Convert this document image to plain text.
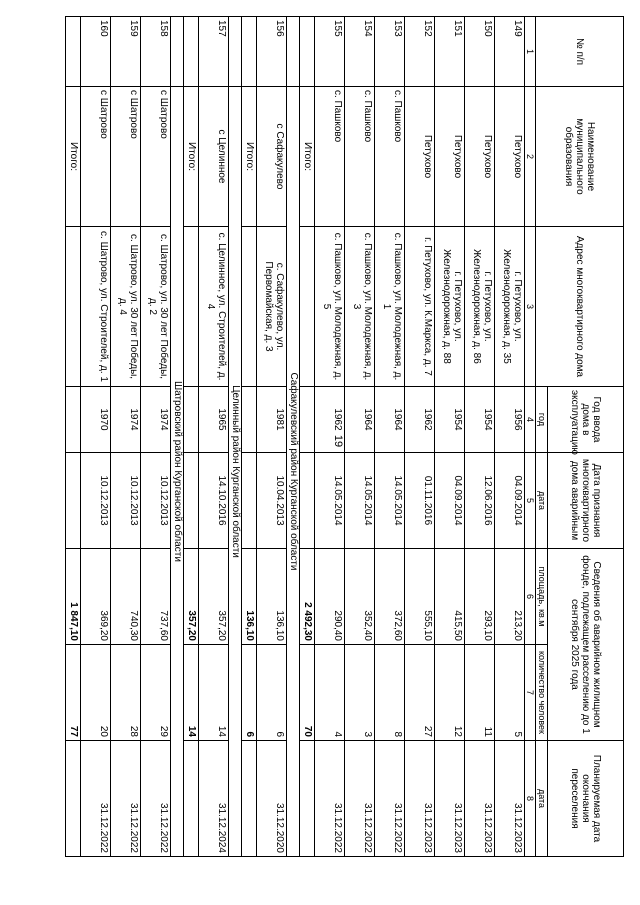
19
№ п/п	Наименование муниципального образования	Адрес многоквартирного дома	Год ввода дома в эксплуатацию	Дата признания многоквартирного дома аварийным	Сведения об аварийном жилищном фонде, подлежащем расселению до 1 сентября 2025 года		Планируемая дата окончания переселения
			год	дата	площадь, кв.м	количество человек	дата
1	2	3	4	5	6	7	8
149	Петухово	г. Петухово, ул. Железнодорожная, д. 35	1956	04.09.2014	213,20	5	31.12.2023
150	Петухово	г. Петухово, ул. Железнодорожная, д. 86	1954	12.06.2016	293,10	11	31.12.2023
151	Петухово	г. Петухово, ул. Железнодорожная, д. 88	1954	04.09.2014	415,50	12	31.12.2023
152	Петухово	г. Петухово, ул. К.Маркса, д. 7	1962	01.11.2016	555,10	27	31.12.2023
153	с. Пашково	с. Пашково, ул. Молодежная, д. 1	1964	14.05.2014	372,60	8	31.12.2022
154	с. Пашково	с. Пашково, ул. Молодежная, д. 3	1964	14.05.2014	352,40	3	31.12.2022
155	с. Пашково	с. Пашково, ул. Молодежная, д. 5	1962	14.05.2014	290,40	4	31.12.2022
	Итого:				2 492,30	70	
	Сафакулевский район Курганской области						
156	с Сафакулево	с. Сафакулево, ул. Первомайская, д. 3	1981	10.04.2013	136,10	6	31.12.2020
	Итого:				136,10	6	
	Целинный район Курганской области						
157	с Целинное	с. Целинное, ул. Строителей, д. 4	1965	14.10.2016	357,20	14	31.12.2024
	Итого:				357,20	14	
	Шатровский район Курганской области						
158	с Шатрово	с. Шатрово, ул. 30 лет Победы, д. 2	1974	10.12.2013	737,60	29	31.12.2022
159	с Шатрово	с. Шатрово, ул. 30 лет Победы, д. 4	1974	10.12.2013	740,30	28	31.12.2022
160	с Шатрово	с. Шатрово, ул. Строителей, д. 1	1970	10.12.2013	369,20	20	31.12.2022
	Итого:				1 847,10	77	
